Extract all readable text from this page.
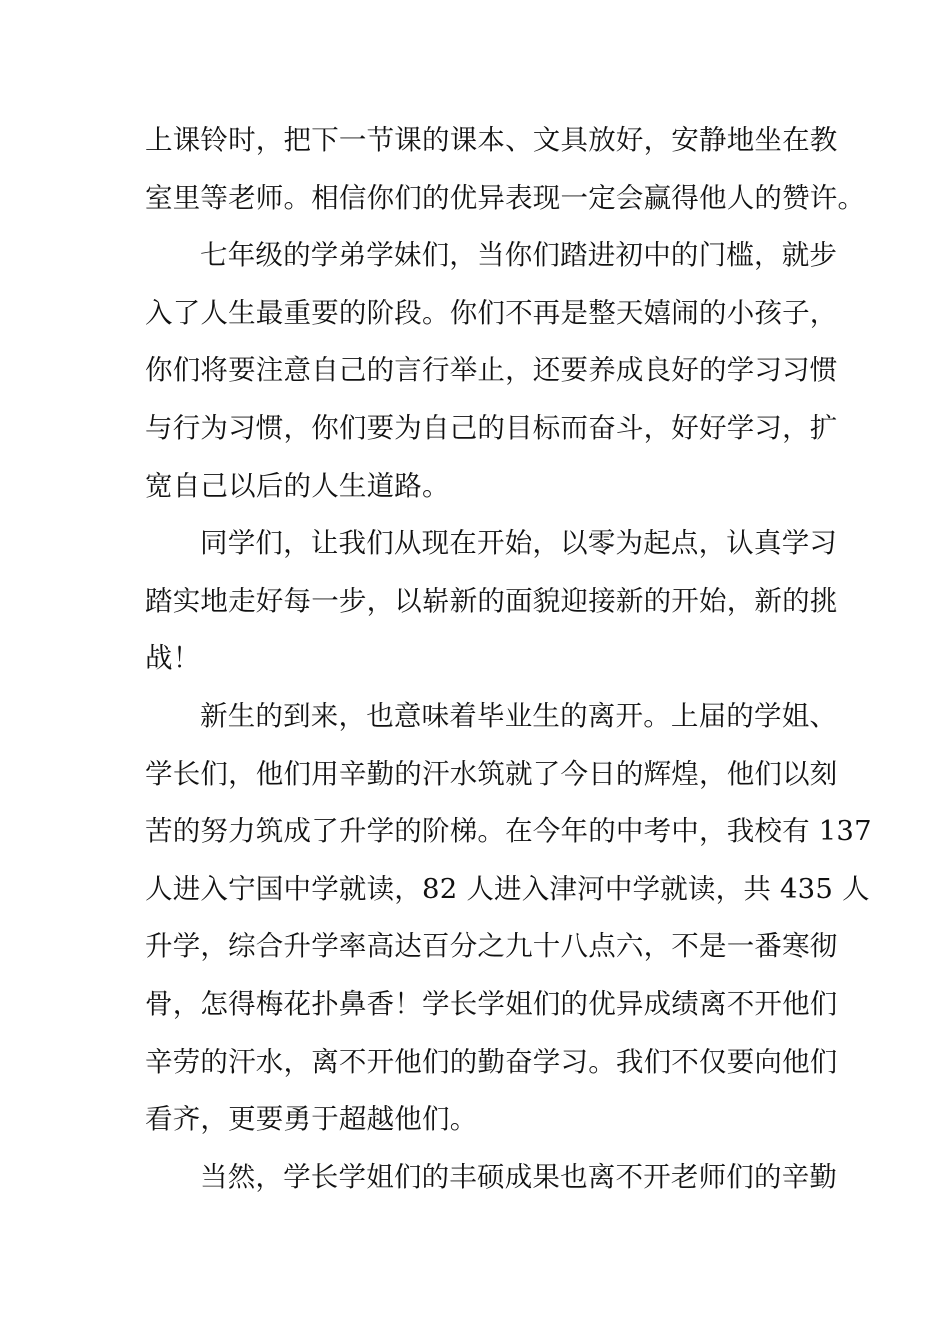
上课铃时，把下一节课的课本、文具放好，安静地坐在教
室里等老师。相信你们的优异表现一定会赢得他人的赞许。
七年级的学弟学妹们，当你们踏进初中的门槛，就步
入了人生最重要的阶段。你们不再是整天嬉闹的小孩子，
你们将要注意自己的言行举止，还要养成良好的学习习惯
与行为习惯，你们要为自己的目标而奋斗，好好学习，扩
宽自己以后的人生道路。
同学们，让我们从现在开始，以零为起点，认真学习
踏实地走好每一步，以崭新的面貌迎接新的开始，新的挑
战！
新生的到来，也意味着毕业生的离开。上届的学姐、
学长们，他们用辛勤的汗水筑就了今日的辉煌，他们以刻
苦的努力筑成了升学的阶梯。在今年的中考中，我校有 137
人进入宁国中学就读，82 人进入津河中学就读，共 435 人
升学，综合升学率高达百分之九十八点六，不是一番寒彻
骨，怎得梅花扑鼻香！学长学姐们的优异成绩离不开他们
辛劳的汗水，离不开他们的勤奋学习。我们不仅要向他们
看齐，更要勇于超越他们。
当然，学长学姐们的丰硕成果也离不开老师们的辛勤
